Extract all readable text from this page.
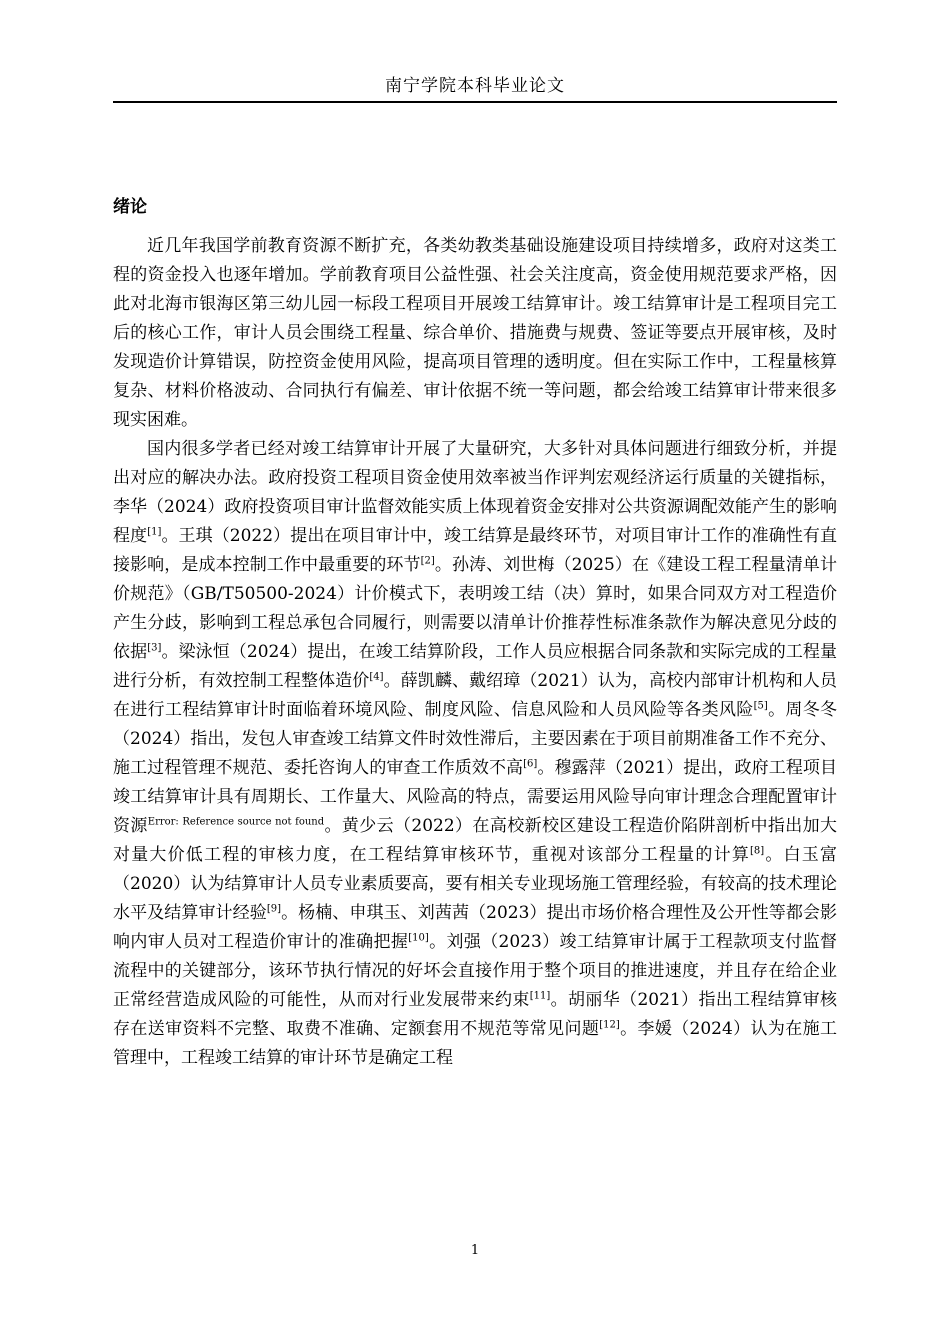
南宁学院本科毕业论文
绪论

近几年我国学前教育资源不断扩充，各类幼教类基础设施建设项目持续增多，政府对这类工程的资金投入也逐年增加。学前教育项目公益性强、社会关注度高，资金使用规范要求严格，因此对北海市银海区第三幼儿园一标段工程项目开展竣工结算审计。竣工结算审计是工程项目完工后的核心工作，审计人员会围绕工程量、综合单价、措施费与规费、签证等要点开展审核，及时发现造价计算错误，防控资金使用风险，提高项目管理的透明度。但在实际工作中，工程量核算复杂、材料价格波动、合同执行有偏差、审计依据不统一等问题，都会给竣工结算审计带来很多现实困难。

国内很多学者已经对竣工结算审计开展了大量研究，大多针对具体问题进行细致分析，并提出对应的解决办法。政府投资工程项目资金使用效率被当作评判宏观经济运行质量的关键指标，李华（2024）政府投资项目审计监督效能实质上体现着资金安排对公共资源调配效能产生的影响程度[1]。王琪（2022）提出在项目审计中，竣工结算是最终环节，对项目审计工作的准确性有直接影响，是成本控制工作中最重要的环节[2]。孙涛、刘世梅（2025）在《建设工程工程量清单计价规范》（GB/T50500-2024）计价模式下，表明竣工结（决）算时，如果合同双方对工程造价产生分歧，影响到工程总承包合同履行，则需要以清单计价推荐性标准条款作为解决意见分歧的依据[3]。梁泳恒（2024）提出，在竣工结算阶段，工作人员应根据合同条款和实际完成的工程量进行分析，有效控制工程整体造价[4]。薛凯麟、戴绍璋（2021）认为，高校内部审计机构和人员在进行工程结算审计时面临着环境风险、制度风险、信息风险和人员风险等各类风险[5]。周冬冬（2024）指出，发包人审查竣工结算文件时效性滞后，主要因素在于项目前期准备工作不充分、施工过程管理不规范、委托咨询人的审查工作质效不高[6]。穆露萍（2021）提出，政府工程项目竣工结算审计具有周期长、工作量大、风险高的特点，需要运用风险导向审计理念合理配置审计资源$^{Error: Reference source not found}$。黄少云（2022）在高校新校区建设工程造价陷阱剖析中指出加大对量大价低工程的审核力度，在工程结算审核环节，重视对该部分工程量的计算[8]。白玉富（2020）认为结算审计人员专业素质要高，要有相关专业现场施工管理经验，有较高的技术理论水平及结算审计经验[9]。杨楠、申琪玉、刘茜茜（2023）提出市场价格合理性及公开性等都会影响内审人员对工程造价审计的准确把握[10]。刘强（2023）竣工结算审计属于工程款项支付监督流程中的关键部分，该环节执行情况的好坏会直接作用于整个项目的推进速度，并且存在给企业正常经营造成风险的可能性，从而对行业发展带来约束[11]。胡丽华（2021）指出工程结算审核存在送审资料不完整、取费不准确、定额套用不规范等常见问题[12]。李媛（2024）认为在施工管理中，工程竣工结算的审计环节是确定工程

1
